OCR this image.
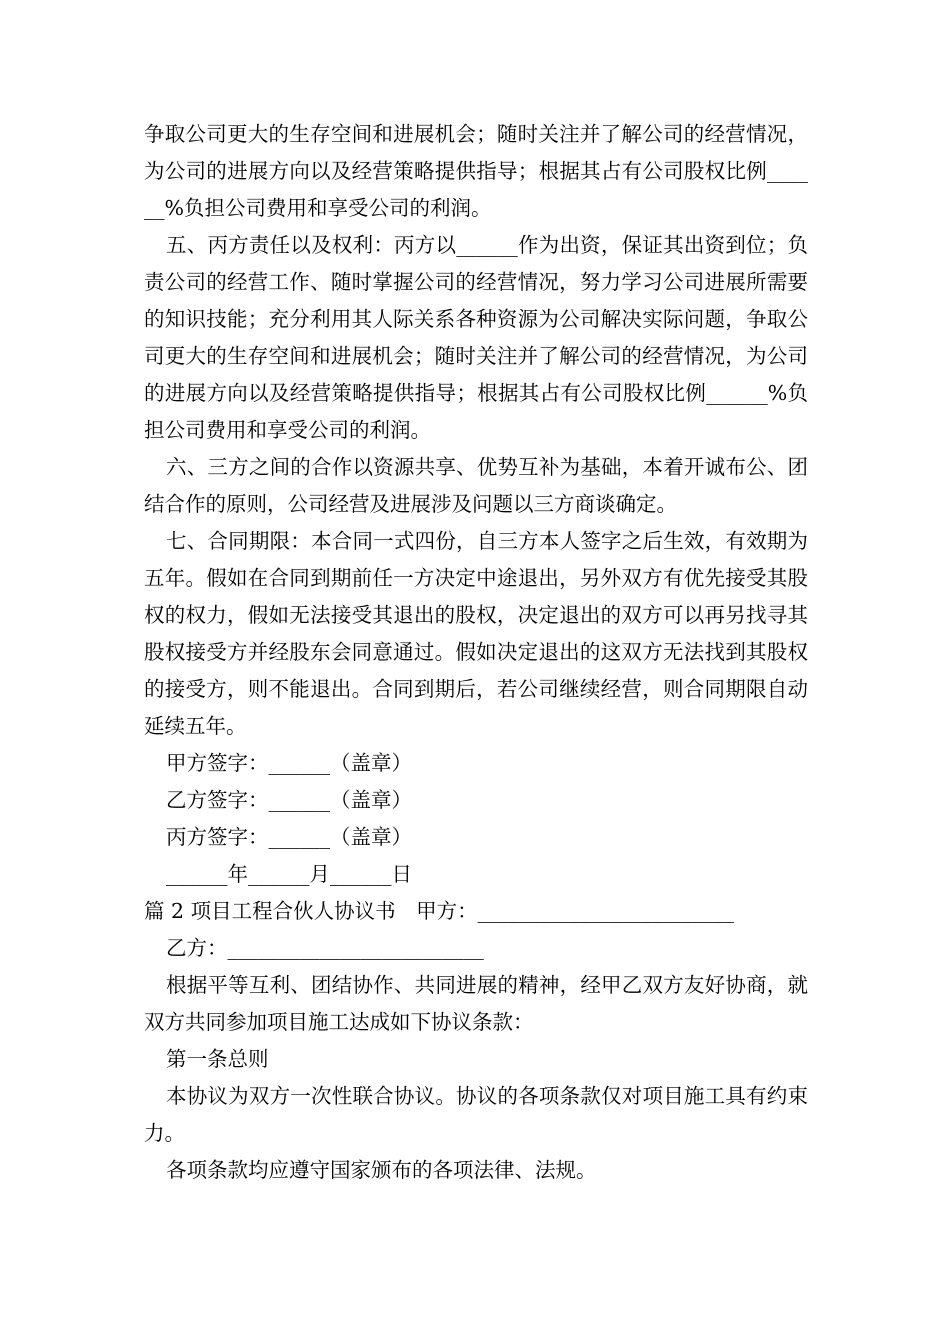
争取公司更大的生存空间和进展机会；随时关注并了解公司的经营情况，为公司的进展方向以及经营策略提供指导；根据其占有公司股权比例______%负担公司费用和享受公司的利润。

五、丙方责任以及权利：丙方以______作为出资，保证其出资到位；负责公司的经营工作、随时掌握公司的经营情况，努力学习公司进展所需要的知识技能；充分利用其人际关系各种资源为公司解决实际问题，争取公司更大的生存空间和进展机会；随时关注并了解公司的经营情况，为公司的进展方向以及经营策略提供指导；根据其占有公司股权比例______%负担公司费用和享受公司的利润。

六、三方之间的合作以资源共享、优势互补为基础，本着开诚布公、团结合作的原则，公司经营及进展涉及问题以三方商谈确定。

七、合同期限：本合同一式四份，自三方本人签字之后生效，有效期为五年。假如在合同到期前任一方决定中途退出，另外双方有优先接受其股权的权力，假如无法接受其退出的股权，决定退出的双方可以再另找寻其股权接受方并经股东会同意通过。假如决定退出的这双方无法找到其股权的接受方，则不能退出。合同到期后，若公司继续经营，则合同期限自动延续五年。

甲方签字：______（盖章）

乙方签字：______（盖章）

丙方签字：______（盖章）

______年______月______日

篇 2 项目工程合伙人协议书　甲方：_________________________

乙方：_________________________

根据平等互利、团结协作、共同进展的精神，经甲乙双方友好协商，就双方共同参加项目施工达成如下协议条款：

第一条总则

本协议为双方一次性联合协议。协议的各项条款仅对项目施工具有约束力。

各项条款均应遵守国家颁布的各项法律、法规。
